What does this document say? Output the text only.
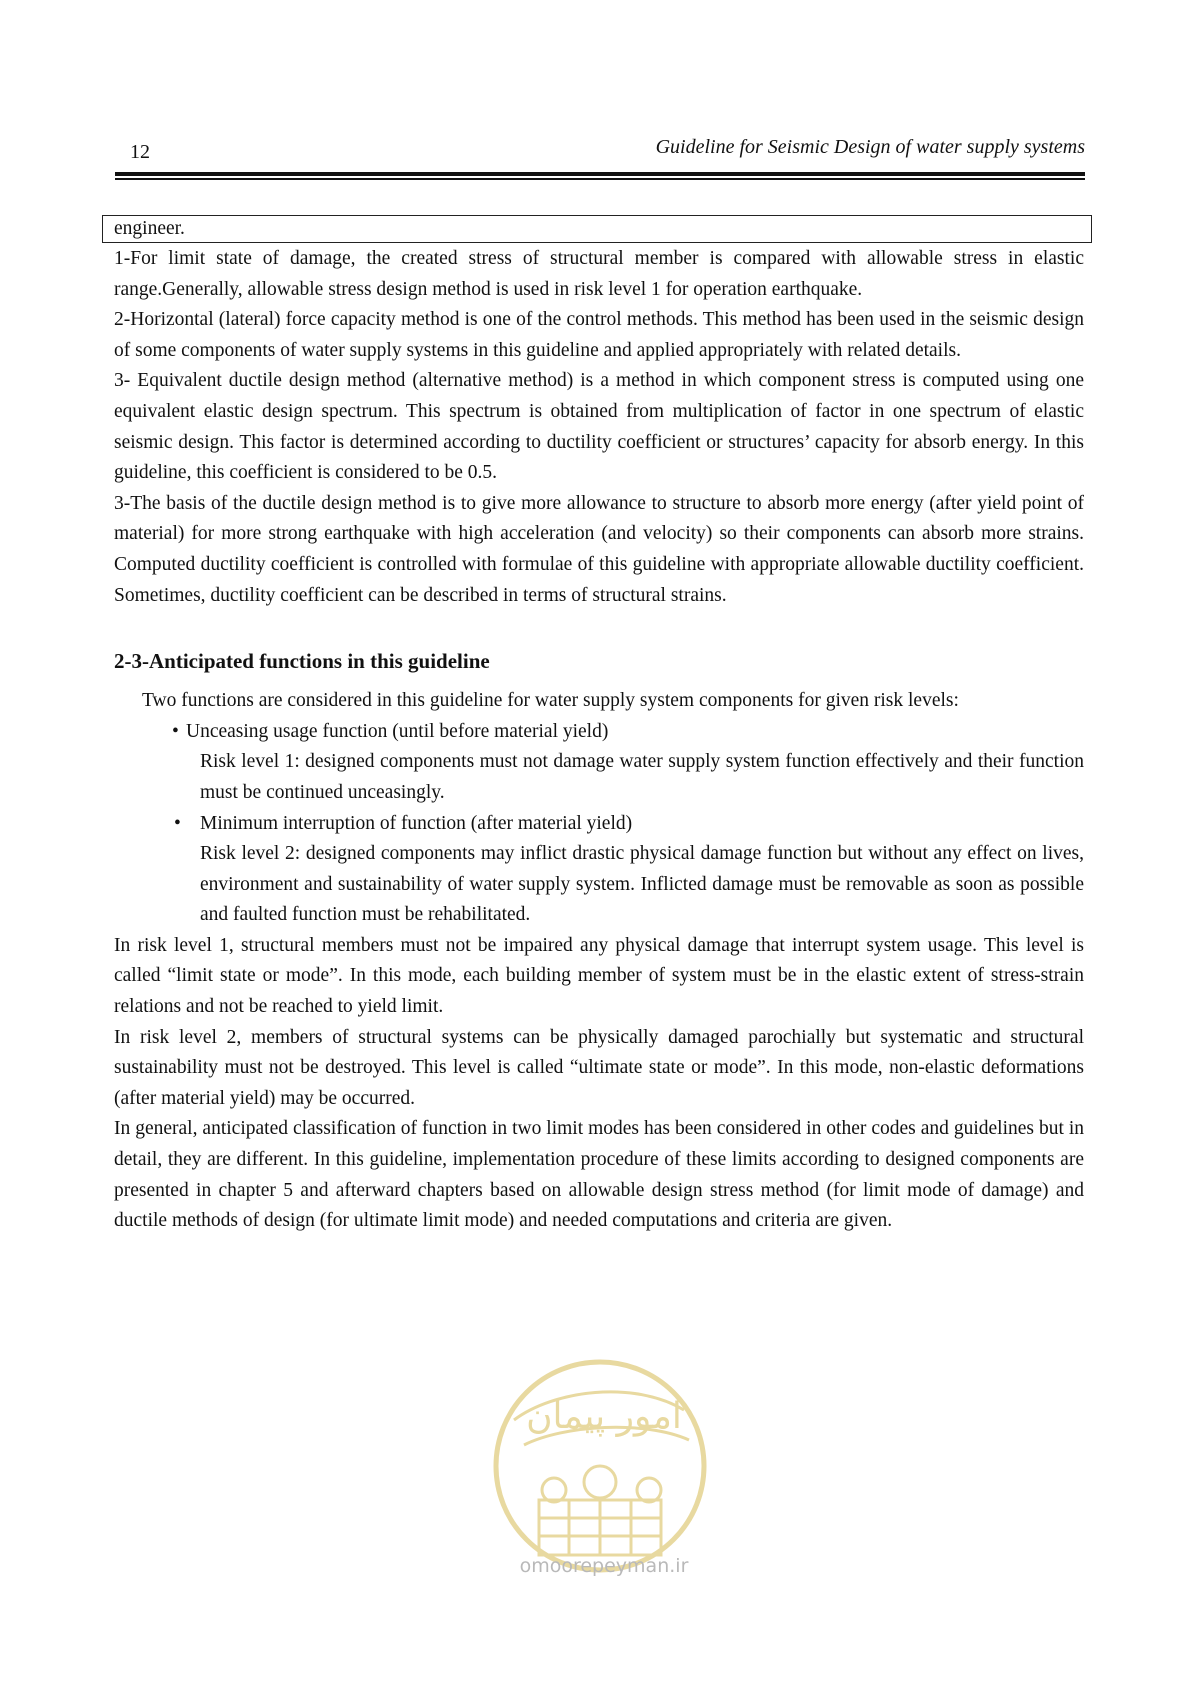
12	Guideline for Seismic Design of water supply systems
engineer.

1-For limit state of damage, the created stress of structural member is compared with allowable stress in elastic range.Generally, allowable stress design method is used in risk level 1 for operation earthquake.

2-Horizontal (lateral) force capacity method is one of the control methods. This method has been used in the seismic design of some components of water supply systems in this guideline and applied appropriately with related details.

3- Equivalent ductile design method (alternative method) is a method in which component stress is computed using one equivalent elastic design spectrum. This spectrum is obtained from multiplication of factor in one spectrum of elastic seismic design. This factor is determined according to ductility coefficient or structures’ capacity for absorb energy. In this guideline, this coefficient is considered to be 0.5.

3-The basis of the ductile design method is to give more allowance to structure to absorb more energy (after yield point of material) for more strong earthquake with high acceleration (and velocity) so their components can absorb more strains. Computed ductility coefficient is controlled with formulae of this guideline with appropriate allowable ductility coefficient. Sometimes, ductility coefficient can be described in terms of structural strains.

2-3-Anticipated functions in this guideline

Two functions are considered in this guideline for water supply system components for given risk levels:

• Unceasing usage function (until before material yield)
Risk level 1: designed components must not damage water supply system function effectively and their function must be continued unceasingly.
• Minimum interruption of function (after material yield)
Risk level 2: designed components may inflict drastic physical damage function but without any effect on lives, environment and sustainability of water supply system. Inflicted damage must be removable as soon as possible and faulted function must be rehabilitated.

In risk level 1, structural members must not be impaired any physical damage that interrupt system usage. This level is called “limit state or mode”. In this mode, each building member of system must be in the elastic extent of stress-strain relations and not be reached to yield limit.

In risk level 2, members of structural systems can be physically damaged parochially but systematic and structural sustainability must not be destroyed. This level is called “ultimate state or mode”. In this mode, non-elastic deformations (after material yield) may be occurred.

In general, anticipated classification of function in two limit modes has been considered in other codes and guidelines but in detail, they are different. In this guideline, implementation procedure of these limits according to designed components are presented in chapter 5 and afterward chapters based on allowable design stress method (for limit mode of damage) and ductile methods of design (for ultimate limit mode) and needed computations and criteria are given.

امور پیمان
omoorepeyman.ir
